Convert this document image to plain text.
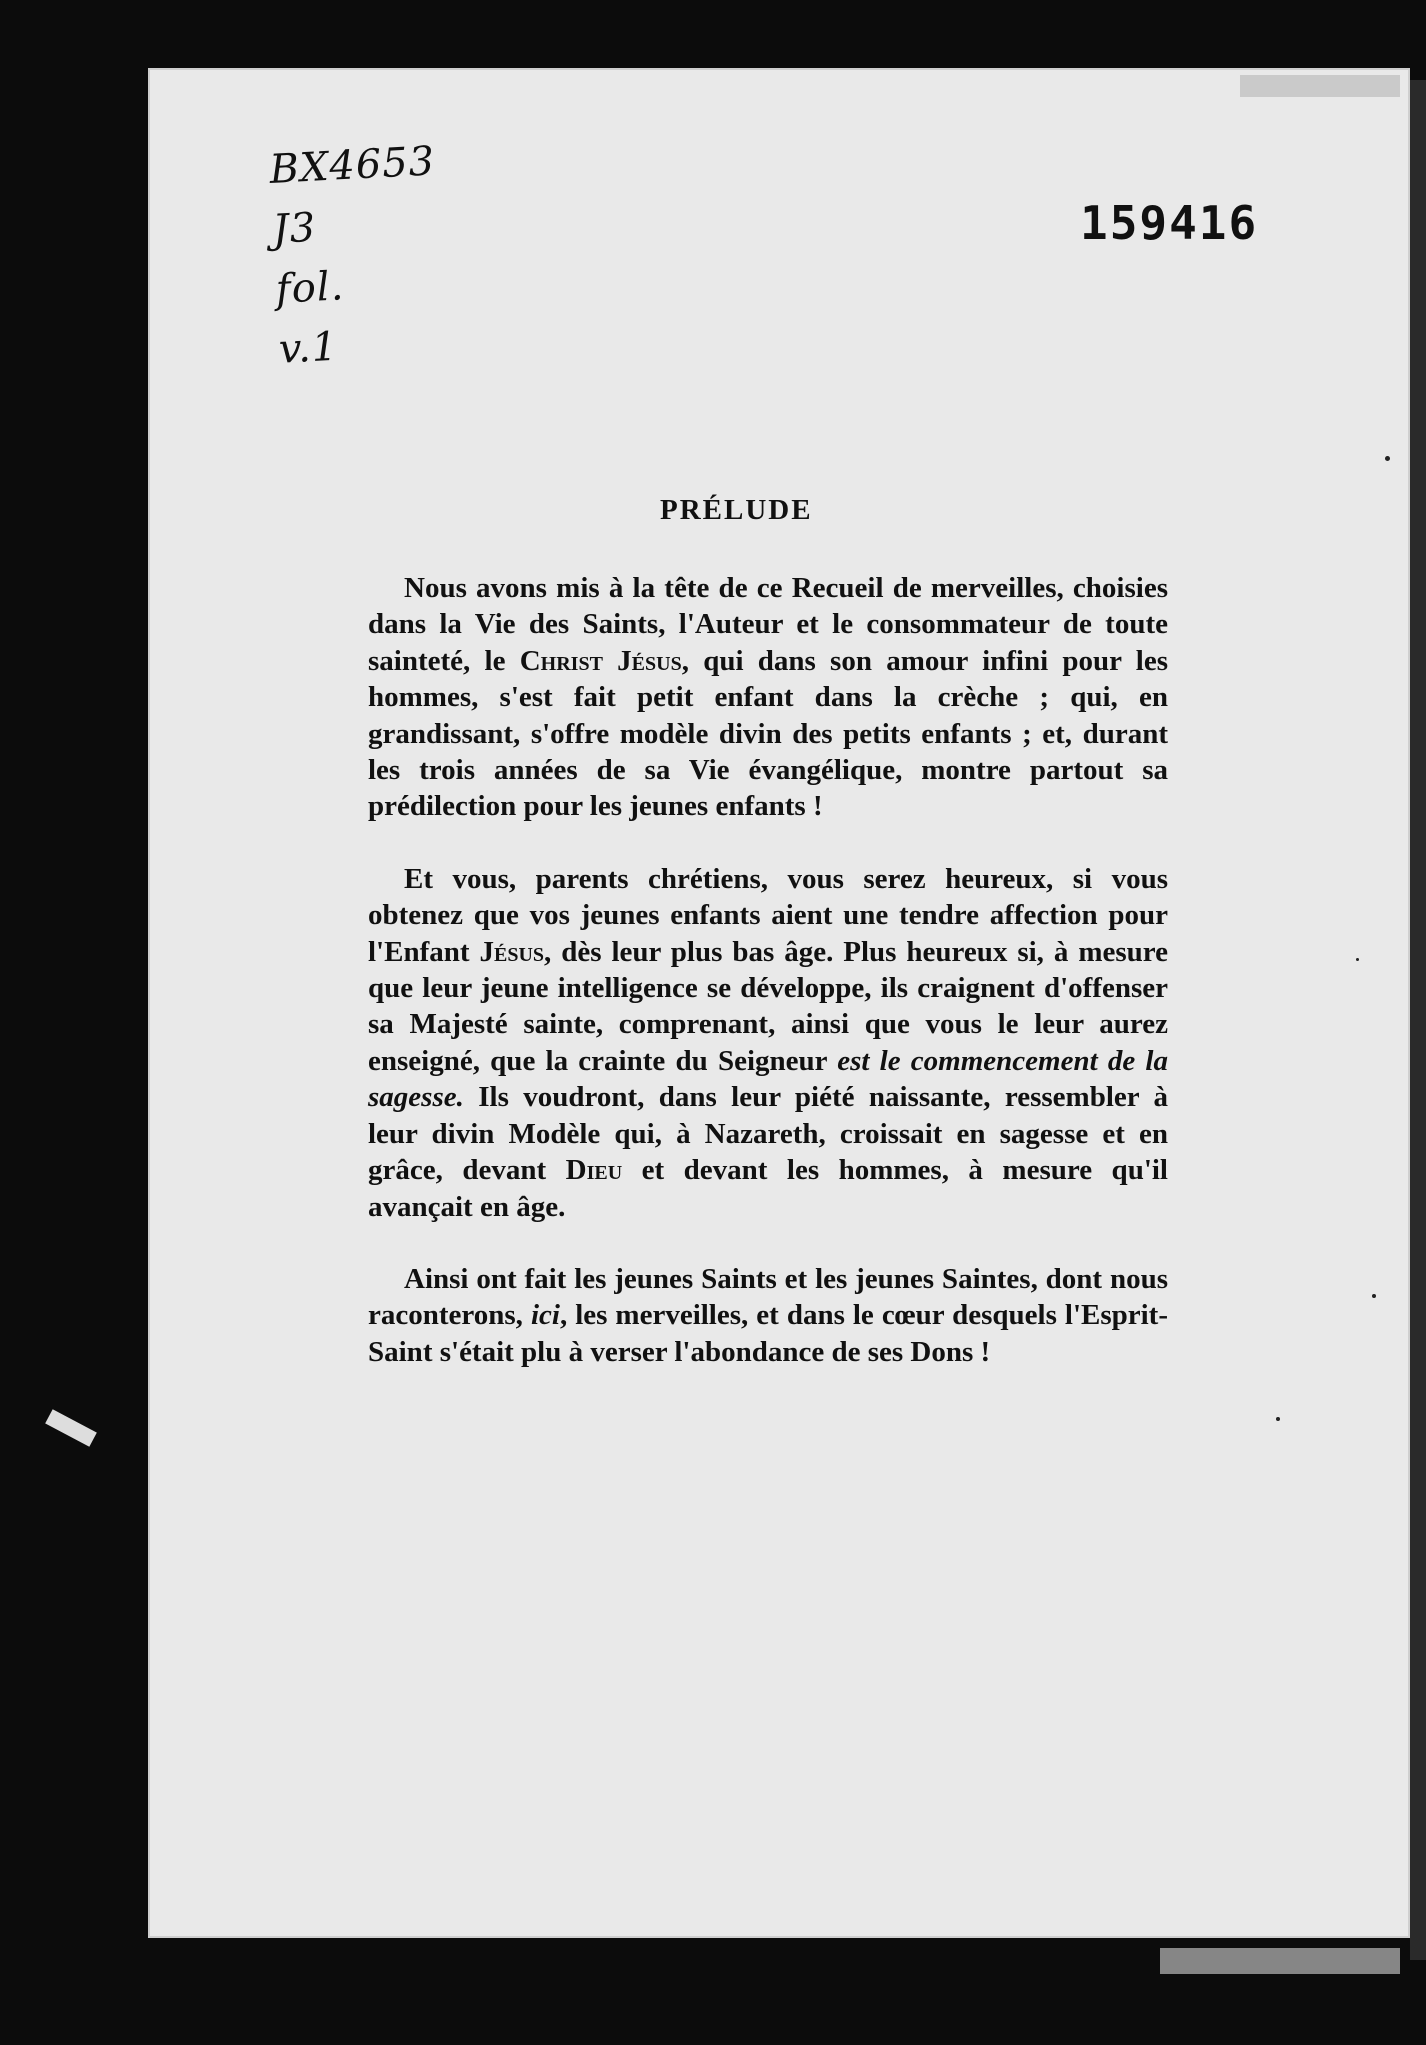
BX4653
J3
fol.
v.1
159416
PRÉLUDE

Nous avons mis à la tête de ce Recueil de merveilles, choisies dans la Vie des Saints, l'Auteur et le consommateur de toute sainteté, le Christ Jésus, qui dans son amour infini pour les hommes, s'est fait petit enfant dans la crèche ; qui, en grandissant, s'offre modèle divin des petits enfants ; et, durant les trois années de sa Vie évangélique, montre partout sa prédilection pour les jeunes enfants !

Et vous, parents chrétiens, vous serez heureux, si vous obtenez que vos jeunes enfants aient une tendre affection pour l'Enfant Jésus, dès leur plus bas âge. Plus heureux si, à mesure que leur jeune intelligence se développe, ils craignent d'offenser sa Majesté sainte, comprenant, ainsi que vous le leur aurez enseigné, que la crainte du Seigneur est le commencement de la sagesse. Ils voudront, dans leur piété naissante, ressembler à leur divin Modèle qui, à Nazareth, croissait en sagesse et en grâce, devant Dieu et devant les hommes, à mesure qu'il avançait en âge.

Ainsi ont fait les jeunes Saints et les jeunes Saintes, dont nous raconterons, ici, les merveilles, et dans le cœur desquels l'Esprit-Saint s'était plu à verser l'abondance de ses Dons !
